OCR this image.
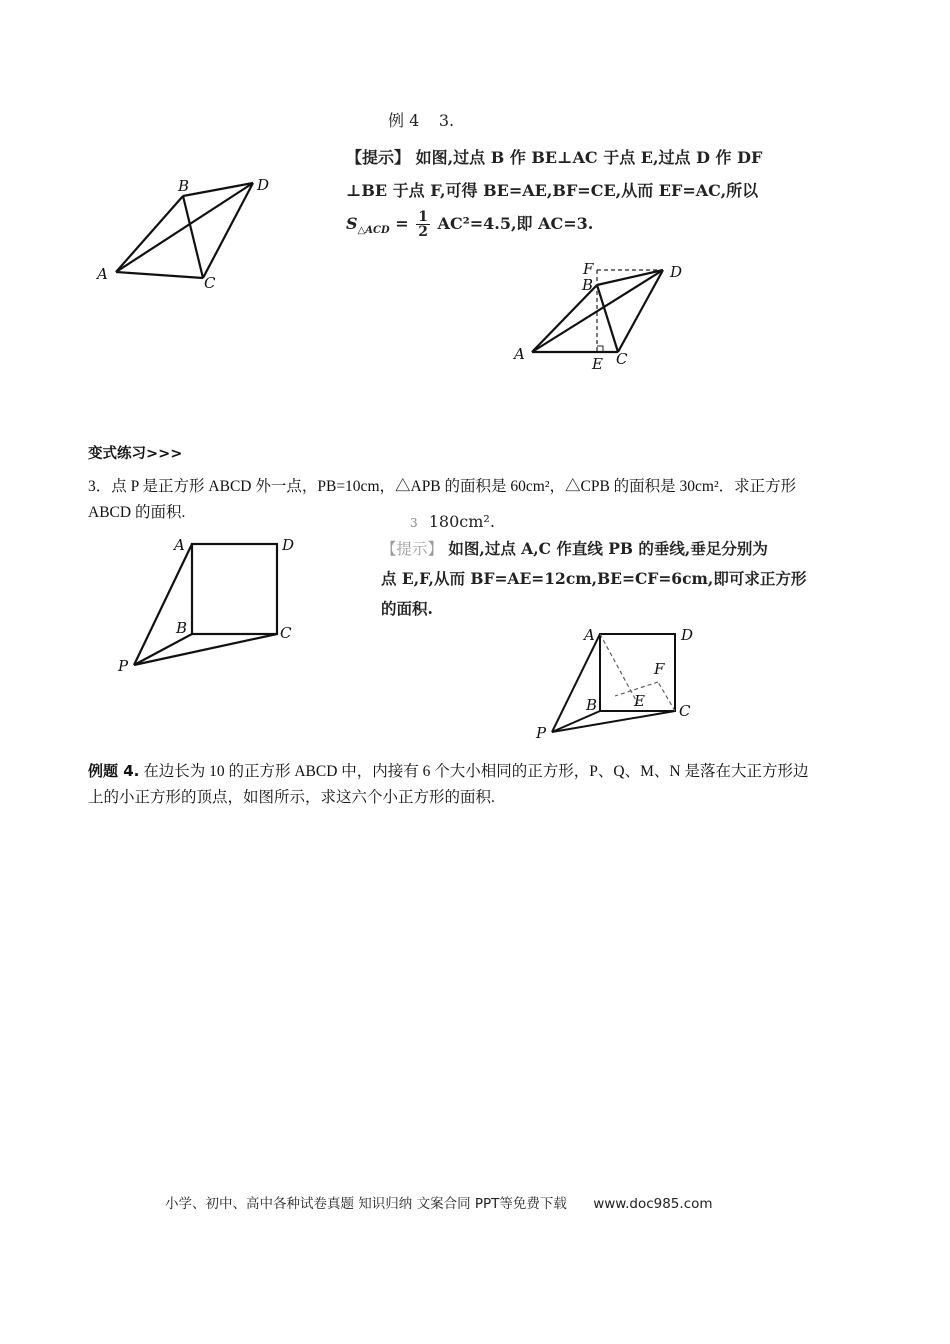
例 4 3.
【提示】 如图,过点 B 作 BE⊥AC 于点 E,过点 D 作 DF
⊥BE 于点 F,可得 BE=AE,BF=CE,从而 EF=AC,所以
$S_{\triangle ACD} = \frac{1}{2} AC^2=4.5$,即 AC=3.
A
B
C
D
A
B
C
D
E
F
变式练习>>>
3．点 P 是正方形 ABCD 外一点，PB=10cm，△APB 的面积是 60cm²，△CPB 的面积是 30cm²．求正方形
ABCD 的面积.
3 180cm².
【提示】 如图,过点 A,C 作直线 PB 的垂线,垂足分别为
点 E,F,从而 BF=AE=12cm,BE=CF=6cm,即可求正方形
的面积.
A
B	C
D
P
A
B	C
D
E
F
P
例题 4. 在边长为 10 的正方形 ABCD 中，内接有 6 个大小相同的正方形，P、Q、M、N 是落在大正方形边
上的小正方形的顶点，如图所示，求这六个小正方形的面积.
小学、初中、高中各种试卷真题 知识归纳 文案合同 PPT等免费下载 www.doc985.com
